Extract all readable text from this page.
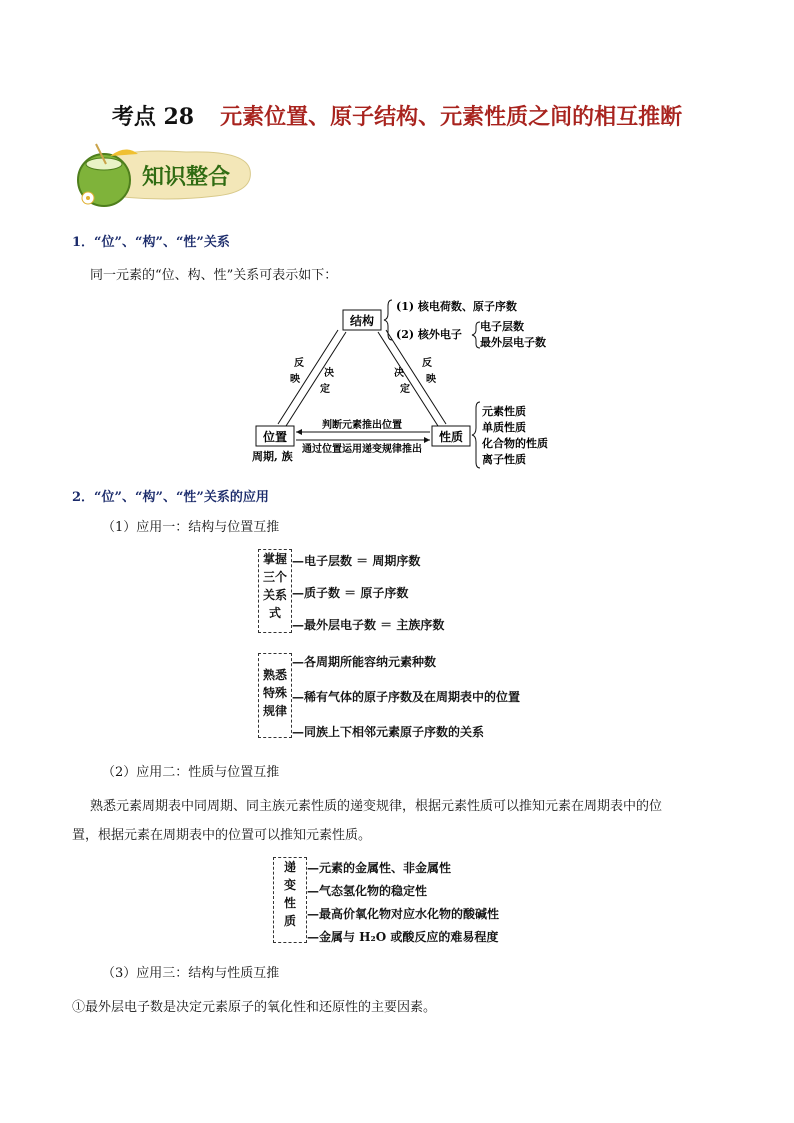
考点 28 元素位置、原子结构、元素性质之间的相互推断
知识整合
1．“位”、“构”、“性”关系
同一元素的“位、构、性”关系可表示如下：
结构
位置	性质
判断元素推出位置
通过位置运用递变规律推出
反
映
决
定
决
定
反
映
(1) 核电荷数、原子序数
(2) 核外电子
电子层数
最外层电子数
元素性质
单质性质
化合物的性质
离子性质
周期, 族
2．“位”、“构”、“性”关系的应用
（1）应用一：结构与位置互推
掌握
三个
关系
式
—电子层数 ＝ 周期序数
—质子数 ＝ 原子序数
—最外层电子数 ＝ 主族序数
熟悉
特殊
规律
—各周期所能容纳元素种数
—稀有气体的原子序数及在周期表中的位置
—同族上下相邻元素原子序数的关系
（2）应用二：性质与位置互推
熟悉元素周期表中同周期、同主族元素性质的递变规律，根据元素性质可以推知元素在周期表中的位
置，根据元素在周期表中的位置可以推知元素性质。
递
变
性
质
—元素的金属性、非金属性
—气态氢化物的稳定性
—最高价氧化物对应水化物的酸碱性
—金属与 H₂O 或酸反应的难易程度
（3）应用三：结构与性质互推
①最外层电子数是决定元素原子的氧化性和还原性的主要因素。
